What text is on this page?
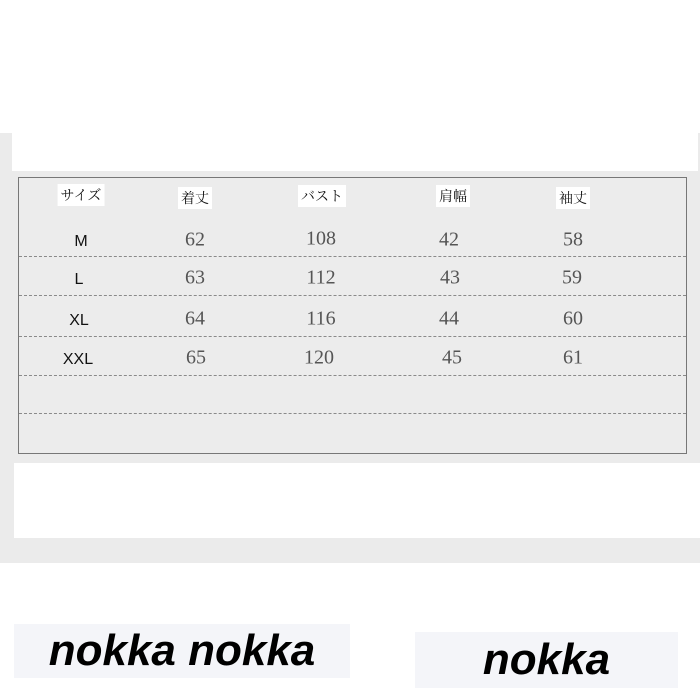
サイズ	着丈	バスト	肩幅	袖丈
M	62	108	42	58
L	63	112	43	59
XL	64	116	44	60
XXL	65	120	45	61
nokka nokka	nokka
